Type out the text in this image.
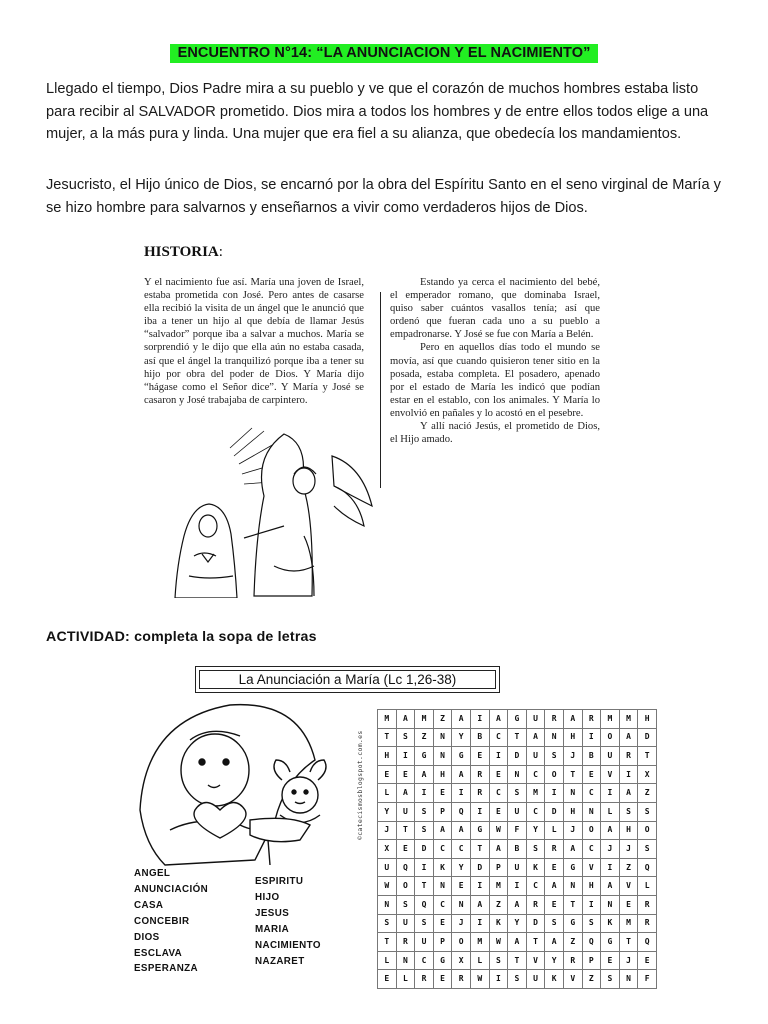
ENCUENTRO N°14: “LA ANUNCIACION Y EL NACIMIENTO”
Llegado el tiempo, Dios Padre mira a su pueblo y ve que el corazón de muchos hombres estaba listo para recibir al SALVADOR prometido. Dios mira a todos los hombres y de entre ellos todos elige a una mujer, a la más pura y linda. Una mujer que era fiel a su alianza, que obedecía los mandamientos.
Jesucristo, el Hijo único de Dios, se encarnó por la obra del Espíritu Santo en el seno virginal de María y se hizo hombre para salvarnos y enseñarnos a vivir como verdaderos hijos de Dios.
HISTORIA:
Y el nacimiento fue así. María una joven de Israel, estaba prometida con José. Pero antes de casarse ella recibió la visita de un ángel que le anunció que iba a tener un hijo al que debía de llamar Jesús “salvador” porque iba a salvar a muchos. María se sorprendió y le dijo que ella aún no estaba casada, así que el ángel la tranquilizó porque iba a tener su hijo por obra del poder de Dios. Y María dijo “hágase como el Señor dice”. Y María y José se casaron y José trabajaba de carpintero.

Estando ya cerca el nacimiento del bebé, el emperador romano, que dominaba Israel, quiso saber cuántos vasallos tenía; así que ordenó que fueran cada uno a su pueblo a empadronarse. Y José se fue con María a Belén.

Pero en aquellos días todo el mundo se movía, así que cuando quisieron tener sitio en la posada, estaba completa. El posadero, apenado por el estado de María les indicó que podían estar en el establo, con los animales. Y María lo envolvió en pañales y lo acostó en el pesebre.

Y allí nació Jesús, el prometido de Dios, el Hijo amado.

ACTIVIDAD: completa la sopa de letras
La Anunciación a María (Lc 1,26-38)
©catecismosblogspot.com.es
M	A	M	Z	A	I	A	G	U	R	A	R	M	M	H
T	S	Z	N	Y	B	C	T	A	N	H	I	O	A	D
H	I	G	N	G	E	I	D	U	S	J	B	U	R	T
E	E	A	H	A	R	E	N	C	O	T	E	V	I	X
L	A	I	E	I	R	C	S	M	I	N	C	I	A	Z
Y	U	S	P	Q	I	E	U	C	D	H	N	L	S	S
J	T	S	A	A	G	W	F	Y	L	J	O	A	H	O
X	E	D	C	C	T	A	B	S	R	A	C	J	J	S
U	Q	I	K	Y	D	P	U	K	E	G	V	I	Z	Q
W	O	T	N	E	I	M	I	C	A	N	H	A	V	L
N	S	Q	C	N	A	Z	A	R	E	T	I	N	E	R
S	U	S	E	J	I	K	Y	D	S	G	S	K	M	R
T	R	U	P	O	M	W	A	T	A	Z	Q	G	T	Q
L	N	C	G	X	L	S	T	V	Y	R	P	E	J	E
E	L	R	E	R	W	I	S	U	K	V	Z	S	N	F
ANGEL
ANUNCIACIÓN
CASA
CONCEBIR
DIOS
ESCLAVA
ESPERANZA
ESPIRITU
HIJO
JESUS
MARIA
NACIMIENTO
NAZARET
